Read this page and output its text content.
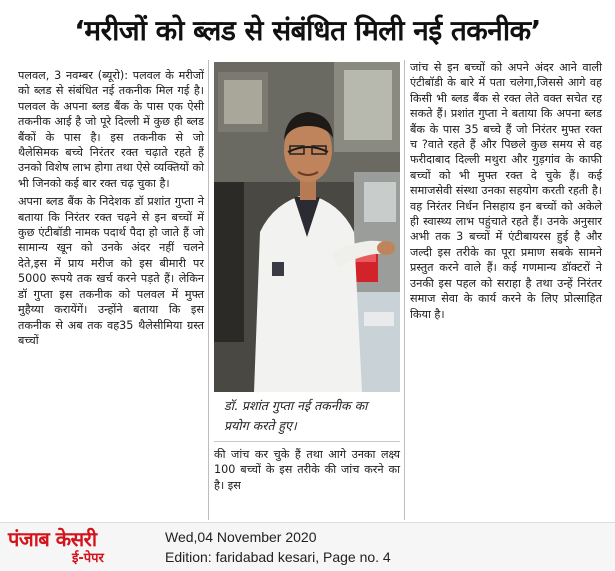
‘मरीजों को ब्लड से संबंधित मिली नई तकनीक’

पलवल, 3 नवम्बर (ब्यूरो): पलवल के मरीजों को ब्लड से संबंधित नई तकनीक मिल गई है। पलवल के अपना ब्लड बैंक के पास एक ऐसी तकनीक आई है जो पूरे दिल्ली में कुछ ही ब्लड बैंकों के पास है। इस तकनीक से जो थैलेसिमक बच्चे निरंतर रक्त चढ़ाते रहते हैं उनको विशेष लाभ होगा तथा ऐसे व्यक्तियों को भी जिनको कई बार रक्त चढ़ चुका है।

अपना ब्लड बैंक के निदेशक डॉ प्रशांत गुप्ता ने बताया कि निरंतर रक्त चढ़ने से इन बच्चों में कुछ एंटीबॉडी नामक पदार्थ पैदा हो जाते हैं जो सामान्य खून को उनके अंदर नहीं चलने देते,इस में प्राय मरीज को इस बीमारी पर 5000 रूपये तक खर्च करने पड़ते हैं। लेकिन डॉ गुप्ता इस तकनीक को पलवल में मुफ्त मुहैय्या करायेंगें। उन्होंने बताया कि इस तकनीक से अब तक वह35 थैलेसीमिया ग्रस्त बच्चों

डॉ. प्रशांत गुप्ता नई तकनीक का प्रयोग करते हुए।

की जांच कर चुके हैं तथा आगे उनका लक्ष्य 100 बच्चों के इस तरीके की जांच करने का है। इस

जांच से इन बच्चों को अपने अंदर आने वाली एंटीबॉडी के बारे में पता चलेगा,जिससे आगे वह किसी भी ब्लड बैंक से रक्त लेते वक्त सचेत रह सकते हैं। प्रशांत गुप्ता ने बताया कि अपना ब्लड बैंक के पास 35 बच्चे हैं जो निरंतर मुफ्त रक्त च ?वाते रहते हैं और पिछले कुछ समय से वह फरीदाबाद दिल्ली मथुरा और गुड़गांव के काफी बच्चों को भी मुफ्त रक्त दे चुके हैं। कई समाजसेवी संस्था उनका सहयोग करती रहती है। वह निरंतर निर्धन निसहाय इन बच्चों को अकेले ही स्वास्थ्य लाभ पहुंचाते रहते हैं। उनके अनुसार अभी तक 3 बच्चों में एंटीबायरस हुई है और जल्दी इस तरीके का पूरा प्रमाण सबके सामने प्रस्तुत करने वाले हैं। कई गणमान्य डॉक्टरों ने उनकी इस पहल को सराहा है तथा उन्हें निरंतर समाज सेवा के कार्य करने के लिए प्रोत्साहित किया है।

पंजाब केसरी
ई-पेपर
Wed,04 November 2020
Edition: faridabad kesari, Page no. 4
